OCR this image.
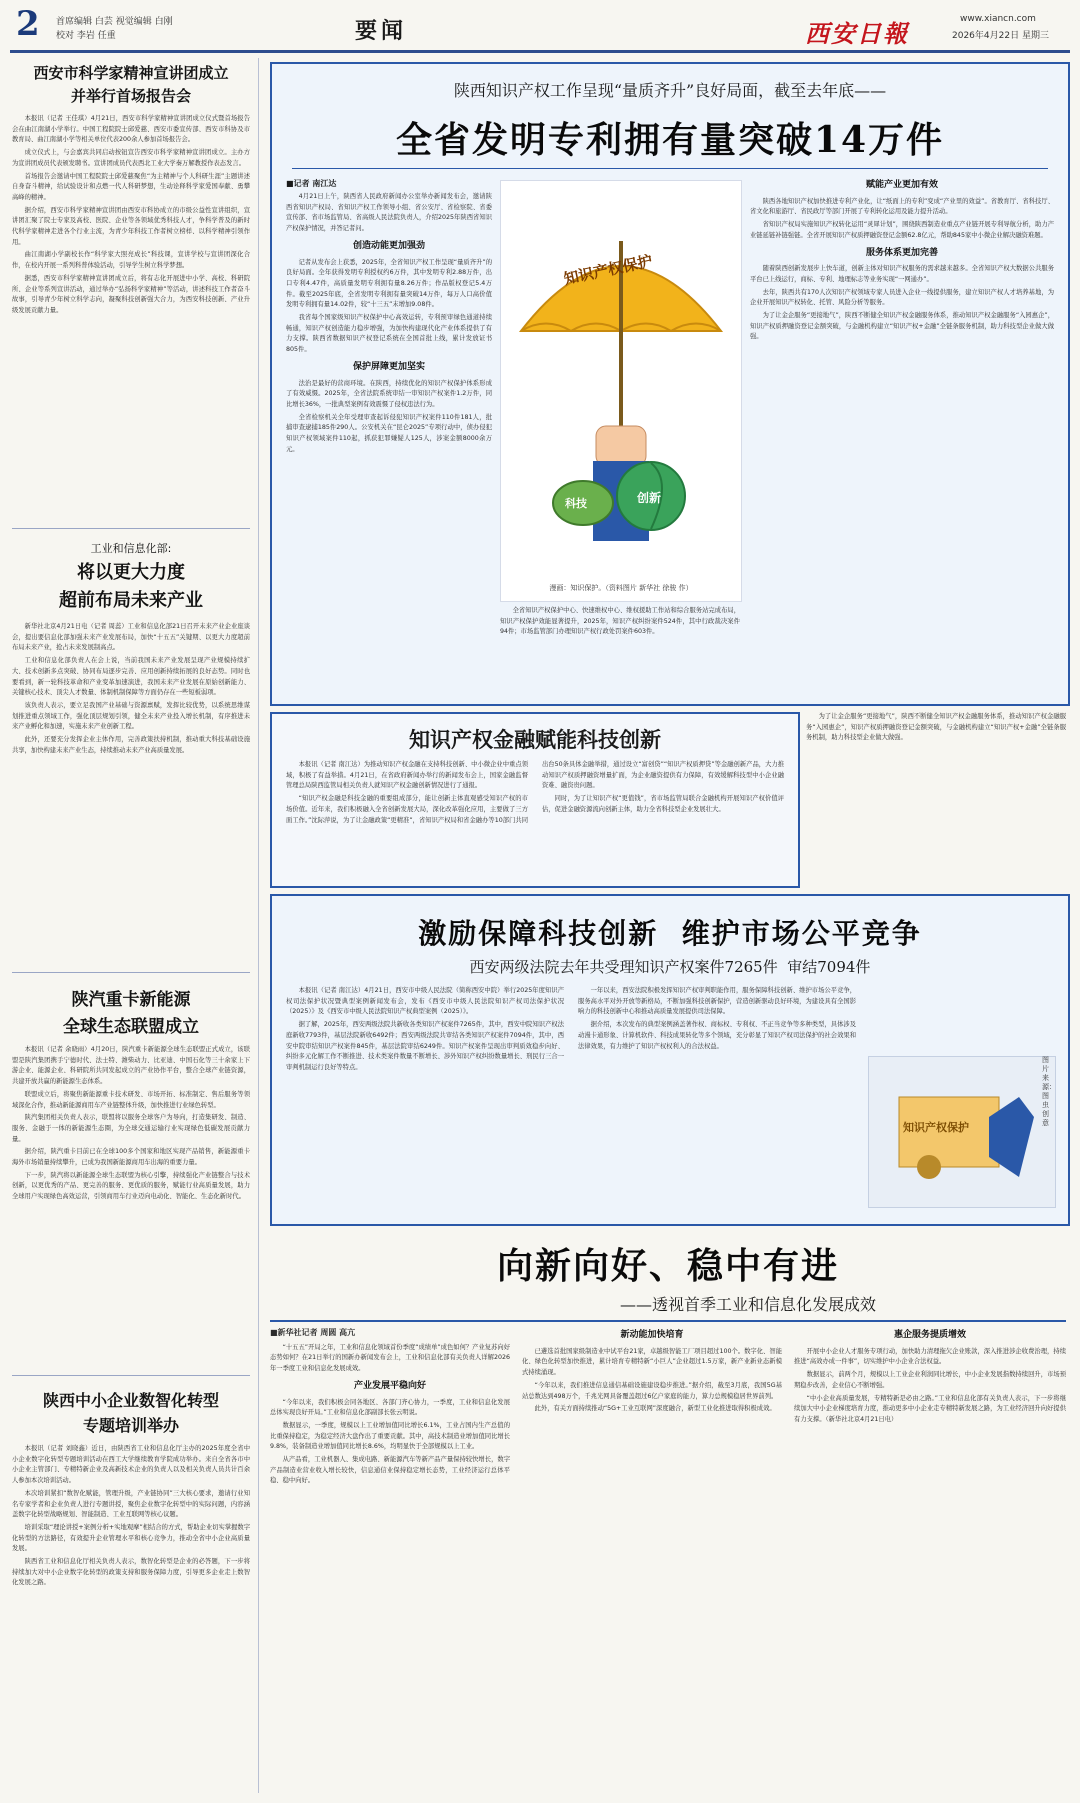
2 首席编辑 白芸 视觉编辑 白刚
校对 李岩 任重	要闻	西安日報	www.xiancn.com
2026年4月22日 星期三
西安市科学家精神宣讲团成立
并举行首场报告会

本报讯（记者 王佳琪）4月21日，西安市科学家精神宣讲团成立仪式暨首场报告会在曲江南湖小学举行。中国工程院院士邱爱慈、西安市委宣传部、西安市科协及市教育局、曲江南湖小学等相关单位代表200余人参加首场报告会。

成立仪式上，与会嘉宾共同启动按钮宣告西安市科学家精神宣讲团成立。主办方为宣讲团成员代表颁发聘书。宣讲团成员代表西北工业大学秦万解教授作表态发言。

首场报告会邀请中国工程院院士邱爱慈聚焦“为主精神与个人科研生涯”主题讲述自身奋斗精神，给试验设计和点燃一代人科研梦想，生动诠释科学家爱国奉献、勇攀高峰的精神。

据介绍，西安市科学家精神宣讲团由西安市科协成立的市级公益性宣讲组织，宣讲团汇聚了院士专家及高校、医院、企业等各领域优秀科技人才，争科学普及的新时代科学家精神走进各个行业主流，为青少年科技工作者树立榜样、以科学精神引领作用。

曲江南湖小学副校长作“科学家大照亮成长”科技课，宣讲学校与宣讲团深化合作，在校内开展一系列科普体验活动，引导学生树立科学梦想。

据悉，西安市科学家精神宣讲团成立后，将有志化开展进中小学、高校、科研院所、企业等系列宣讲活动，通过举办“弘扬科学家精神”等活动，讲述科技工作者奋斗故事，引导青少年树立科学志向，凝聚科技创新强大合力，为西安科技创新、产业升级发展贡献力量。

工业和信息化部:
将以更大力度
超前布局未来产业

新华社北京4月21日电（记者 周蕊）工业和信息化部21日召开未来产业企业座谈会，提出要信息化部加强未来产业发展布局，加快“十五五”关键期、以更大力度超前布局未来产业，抢占未来发展制高点。

工业和信息化部负责人在会上说，当前我国未来产业发展呈现产业规模持续扩大、技术创新多点突破、协同布局逐步完善、应用创新持续拓展的良好态势。同时也要看到，新一轮科技革命和产业变革加速演进，我国未来产业发展在原始创新能力、关键核心技术、顶尖人才数量、体制机制保障等方面仍存在一些短板弱项。

该负责人表示，要立足我国产业基础与资源禀赋，发挥比较优势，以系统思维谋划推进重点领域工作，强化顶层规划引领，健全未来产业投入增长机制，有序推进未来产业孵化和加速，实施未来产业创新工程。

此外，还要充分发挥企业主体作用，完善政策扶持机制，推动重大科技基础设施共享，加快构建未来产业生态，持续推动未来产业高质量发展。

陕汽重卡新能源
全球生态联盟成立

本报讯（记者 余晓雨）4月20日，陕汽重卡新能源全球生态联盟正式成立，该联盟是陕汽集团携手宁德时代、法士特、潍柴动力、比亚迪、中国石化等三十余家上下游企业、能源企业、科研院所共同发起成立的产业协作平台，整合全球产业链资源，共建开放共赢的新能源生态体系。

联盟成立后，将聚焦新能源重卡技术研发、市场开拓、标准制定、售后服务等领域深化合作，推动新能源商用车产业链整体升级，加快推进行业绿色转型。

陕汽集团相关负责人表示，联盟将以服务全球客户为导向，打造集研发、制造、服务、金融于一体的新能源生态圈，为全球交通运输行业实现绿色低碳发展贡献力量。

据介绍，陕汽重卡目前已在全球100多个国家和地区实现产品销售，新能源重卡海外市场销量持续攀升，已成为我国新能源商用车出海的重要力量。

下一步，陕汽将以新能源全球生态联盟为核心引擎，持续强化产业链整合与技术创新，以更优秀的产品、更完善的服务、更优质的服务，赋能行业高质量发展，助力全球用户实现绿色高效运营，引领商用车行业迈向电动化、智能化、生态化新时代。

陕西中小企业数智化转型
专题培训举办

本报讯（记者 刘晓鑫）近日，由陕西省工业和信息化厅主办的2025年度全省中小企业数字化转型专题培训活动在西工大学继续教育学院成功举办。来自全省各市中小企业主管部门、专精特新企业及高新技术企业的负责人以及相关负责人员共计百余人参加本次培训活动。

本次培训紧扣“数智化赋能，管理升级，产业链协同”三大核心要求，邀请行业知名专家学者和企业负责人进行专题讲授，聚焦企业数字化转型中的实际问题，内容涵盖数字化转型战略规划、智能制造、工业互联网等核心议题。

培训采取“理论讲授+案例分析+实地观摩”相结合的方式，帮助企业切实掌握数字化转型的方法路径，有效提升企业管理水平和核心竞争力，推动全省中小企业高质量发展。

陕西省工业和信息化厅相关负责人表示，数智化转型是企业的必答题，下一步将持续加大对中小企业数字化转型的政策支持和服务保障力度，引导更多企业走上数智化发展之路。

陕西知识产权工作呈现“量质齐升”良好局面，截至去年底——
全省发明专利拥有量突破14万件
■记者 南江达

4月21日上午，陕西省人民政府新闻办公室举办新闻发布会，邀请陕西省知识产权局、省知识产权工作领导小组、省公安厅、省检察院、省委宣传部、省市场监管局、省高级人民法院负责人，介绍2025年陕西省知识产权保护情况，并答记者问。

创造动能更加强劲

记者从发布会上获悉，2025年，全省知识产权工作呈现“量质齐升”的良好局面。全年获得发明专利授权约6万件，其中发明专利2.88万件，出口专利4.47件，高质量发明专利拥有量8.26万件；作品版权登记5.4万件。截至2025年底，全省发明专利拥有量突破14万件，每万人口高价值发明专利拥有量14.02件，较“十三五”末增加9.08件。

我省每个国家级知识产权保护中心高效运转，专利预审绿色通道持续畅通，知识产权创造能力稳步增强，为加快构建现代化产业体系提供了有力支撑。陕西省数据知识产权登记系统在全国首批上线，累计发放证书805件。

保护屏障更加坚实

法治是最好的营商环境。在陕西，持续优化的知识产权保护体系形成了有效威慑。2025年，全省法院系统审结一审知识产权案件1.2万件，同比增长36%，一批典型案例有效震慑了侵权违法行为。

全省检察机关全年受理审查起诉侵犯知识产权案件110件181人，批捕审查逮捕185件290人。公安机关在“昆仑2025”专项行动中，侦办侵犯知识产权领域案件110起，抓获犯罪嫌疑人125人，涉案金额8000余万元。

知识产权保护
科技	创新
漫画：知识保护。（资料图片 新华社 徐骏 作）

全省知识产权保护中心、快速维权中心、维权援助工作站和综合服务站完成布局，知识产权保护效能显著提升，2025年，知识产权纠纷案件524件，其中行政裁决案件94件；市场监管部门办理知识产权行政处罚案件603件。

赋能产业更加有效

陕西各地知识产权加快推进专利产业化，让“纸面上的专利”变成“产业里的效益”。省教育厅、省科技厅、省文化和旅游厅、省民政厅等部门开展了专利转化运用及能力提升活动。

省知识产权局实施知识产权转化运用“灵犀计划”，围绕陕西制造业重点产业链开展专利导航分析，助力产业链延链补链强链。全省开展知识产权质押融资登记金额62.8亿元，帮助845家中小微企业解决融资难题。

服务体系更加完善

随着陕西创新发展步上快车道，创新主体对知识产权服务的需求越来越多。全省知识产权大数据公共服务平台已上线运行，商标、专利、地理标志等业务实现“一网通办”。

去年，陕西共有170人次知识产权领域专家人员进入企业一线提供服务，建立知识产权人才培养基地，为企业开展知识产权转化、托管、风险分析等服务。

为了让金企服务“更接地气”，陕西不断健全知识产权金融服务体系，推动知识产权金融服务“入园惠企”，知识产权质押融资登记金额突破，与金融机构建立“知识产权+金融”全链条服务机制，助力科技型企业做大做强。

知识产权金融赋能科技创新

本报讯（记者 南江达）为推动知识产权金融在支持科技创新、中小微企业中重点领域，积极了有益举措。4月21日，在省政府新闻办举行的新闻发布会上，国家金融监督管理总局陕西监管局相关负责人就知识产权金融创新情况进行了通报。

“知识产权金融是科技金融的重要组成部分，能让创新主体直观感受知识产权的市场价值。近年来，我们积极融入全省创新发展大局，深化改革强化应用，主要做了三方面工作。”沈际萍说，为了让金融政策“更精准”，省知识产权局和省金融办等10部门共同出台50条具体金融举措，通过设立“富创贷”“知识产权质押贷”等金融创新产品，大力推动知识产权质押融资增量扩面，为企业融资提供有力保障，有效缓解科技型中小企业融资难、融资贵问题。

同时，为了让知识产权“更值钱”，省市场监管局联合金融机构开展知识产权价值评估，促进金融资源流向创新主体，助力全省科技型企业发展壮大。

为了让金企服务“更接地气”，陕西不断健全知识产权金融服务体系，推动知识产权金融服务“入园惠企”，知识产权质押融资登记金额突破，与金融机构建立“知识产权+金融”全链条服务机制，助力科技型企业做大做强。

激励保障科技创新  维护市场公平竞争
西安两级法院去年共受理知识产权案件7265件  审结7094件

本报讯（记者 南江达）4月21日，西安市中级人民法院（简称西安中院）举行2025年度知识产权司法保护状况暨典型案例新闻发布会，发布《西安市中级人民法院知识产权司法保护状况（2025）》及《西安市中级人民法院知识产权典型案例（2025）》。

据了解，2025年，西安两级法院共新收各类知识产权案件7265件，其中，西安中院知识产权法庭新收7793件，基层法院新收6492件；西安两级法院共审结各类知识产权案件7094件，其中，西安中院审结知识产权案件845件，基层法院审结6249件。知识产权案件呈现出审判质效稳步向好、纠纷多元化解工作不断推进、技术类案件数量不断增长、涉外知识产权纠纷数量增长、刑民行三合一审判机制运行良好等特点。

一年以来，西安法院积极发挥知识产权审判职能作用，服务保障科技创新、维护市场公平竞争，服务高水平对外开放等新格局，不断加强科技创新保护，营造创新驱动良好环境，为建设具有全国影响力的科技创新中心和推动高质量发展提供司法保障。

据介绍，本次发布的典型案例涵盖著作权、商标权、专利权、不正当竞争等多种类型，具体涉及动漫卡通形象、计算机软件、科技成果转化等多个领域，充分彰显了知识产权司法保护的社会效果和法律效果，有力维护了知识产权权利人的合法权益。

知识产权保护
图片来源：图虫创意
向新向好、稳中有进
——透视首季工业和信息化发展成效
■新华社记者 周圆 高亢

“十五五”开局之年，工业和信息化领域首份季度“成绩单”成色如何？产业复苏向好态势如何？在21日举行的国新办新闻发布会上，工业和信息化部有关负责人详解2026年一季度工业和信息化发展成效。

产业发展平稳向好

“今年以来，我们积极会同各地区、各部门齐心协力，一季度，工业和信息化发展总体实现良好开局。”工业和信息化部副部长张云明说。

数据显示，一季度，规模以上工业增加值同比增长6.1%，工业占国内生产总值的比重保持稳定，为稳定经济大盘作出了重要贡献。其中，高技术制造业增加值同比增长9.8%，装备制造业增加值同比增长8.6%，均明显快于全部规模以上工业。

从产品看，工业机器人、集成电路、新能源汽车等新产品产量保持较快增长，数字产品制造业营业收入增长较快，信息通信业保持稳定增长态势，工业经济运行总体平稳、稳中向好。

新动能加快培育

已遴选首批国家级制造业中试平台21家，卓越级智能工厂项目超过100个。数字化、智能化、绿色化转型加快推进，累计培育专精特新“小巨人”企业超过1.5万家，新产业新业态新模式持续涌现。

“今年以来，我们推进信息通信基础设施建设稳步推进。”据介绍，截至3月底，我国5G基站总数达到498万个，千兆光网具备覆盖超过6亿户家庭的能力，算力总规模稳居世界前列。

此外，有关方面持续推动“5G+工业互联网”深度融合，新型工业化推进取得积极成效。

惠企服务提质增效

开展中小企业人才服务专项行动，加快助力清理拖欠企业账款，深入推进涉企收费治理，持续推进“高效办成一件事”，切实维护中小企业合法权益。

数据显示，前两个月，规模以上工业企业利润同比增长，中小企业发展指数持续回升，市场预期稳步改善，企业信心不断增强。

“中小企业高质量发展，专精特新是必由之路。”工业和信息化部有关负责人表示，下一步将继续加大中小企业梯度培育力度，推动更多中小企业走专精特新发展之路，为工业经济回升向好提供有力支撑。（新华社北京4月21日电）
